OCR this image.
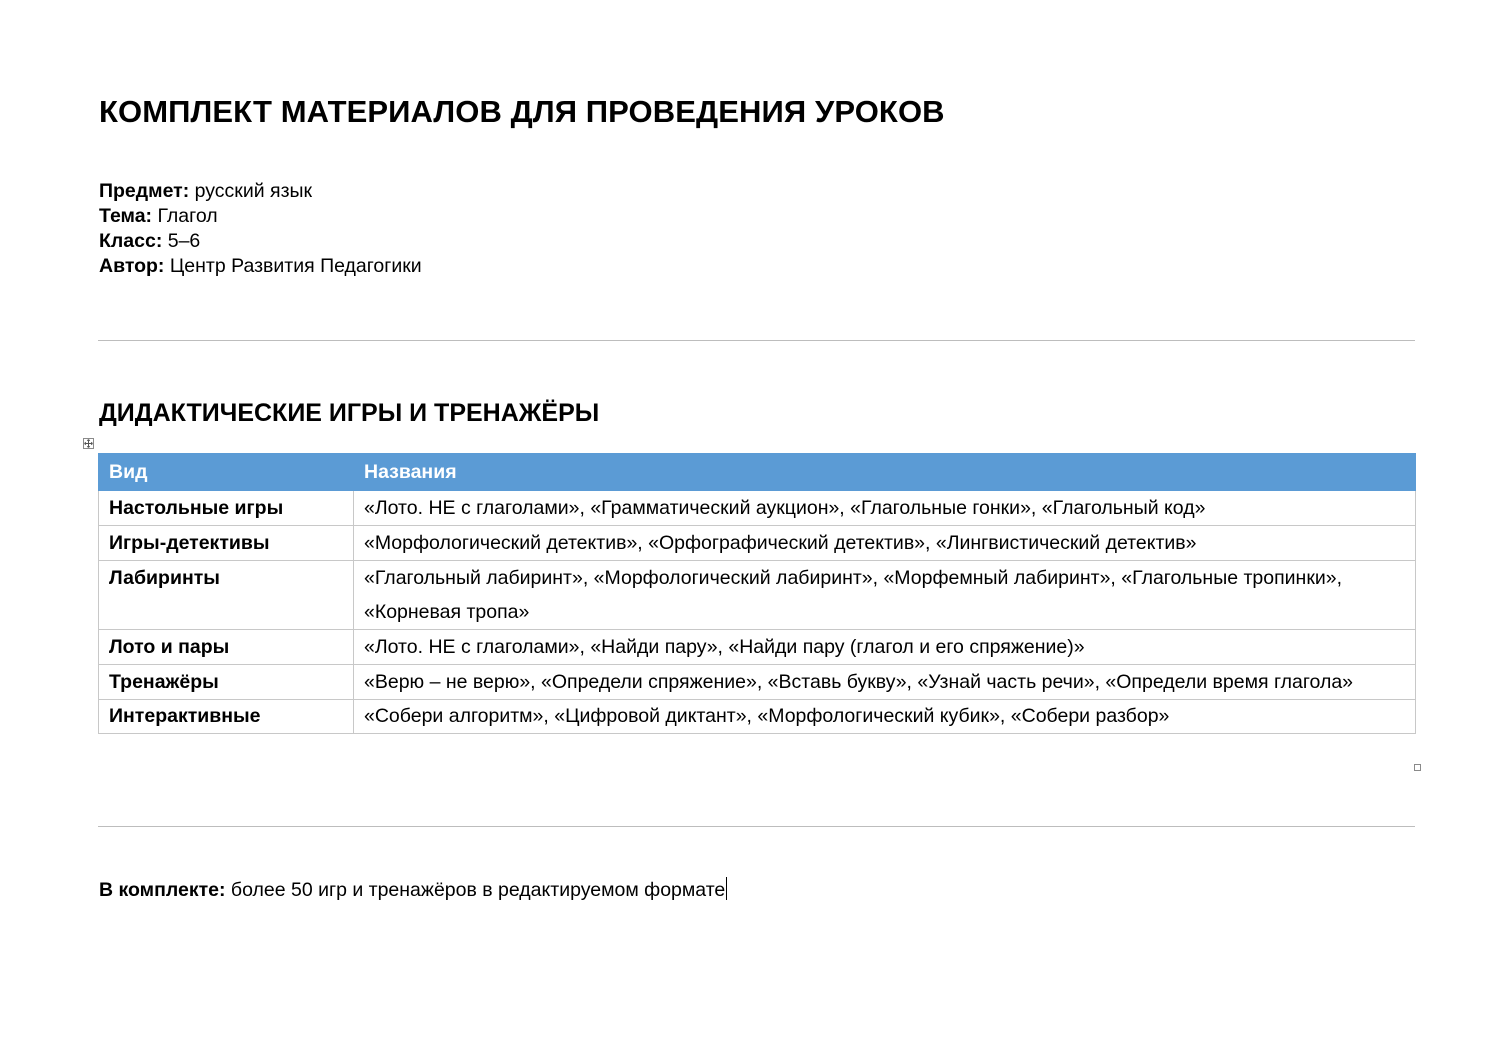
КОМПЛЕКТ МАТЕРИАЛОВ ДЛЯ ПРОВЕДЕНИЯ УРОКОВ
Предмет: русский язык
Тема: Глагол
Класс: 5–6
Автор: Центр Развития Педагогики
ДИДАКТИЧЕСКИЕ ИГРЫ И ТРЕНАЖЁРЫ
Вид	Названия
Настольные игры	«Лото. НЕ с глаголами», «Грамматический аукцион», «Глагольные гонки», «Глагольный код»
Игры-детективы	«Морфологический детектив», «Орфографический детектив», «Лингвистический детектив»
Лабиринты	«Глагольный лабиринт», «Морфологический лабиринт», «Морфемный лабиринт», «Глагольные тропинки», «Корневая тропа»
Лото и пары	«Лото. НЕ с глаголами», «Найди пару», «Найди пару (глагол и его спряжение)»
Тренажёры	«Верю – не верю», «Определи спряжение», «Вставь букву», «Узнай часть речи», «Определи время глагола»
Интерактивные	«Собери алгоритм», «Цифровой диктант», «Морфологический кубик», «Собери разбор»
В комплекте: более 50 игр и тренажёров в редактируемом формате
